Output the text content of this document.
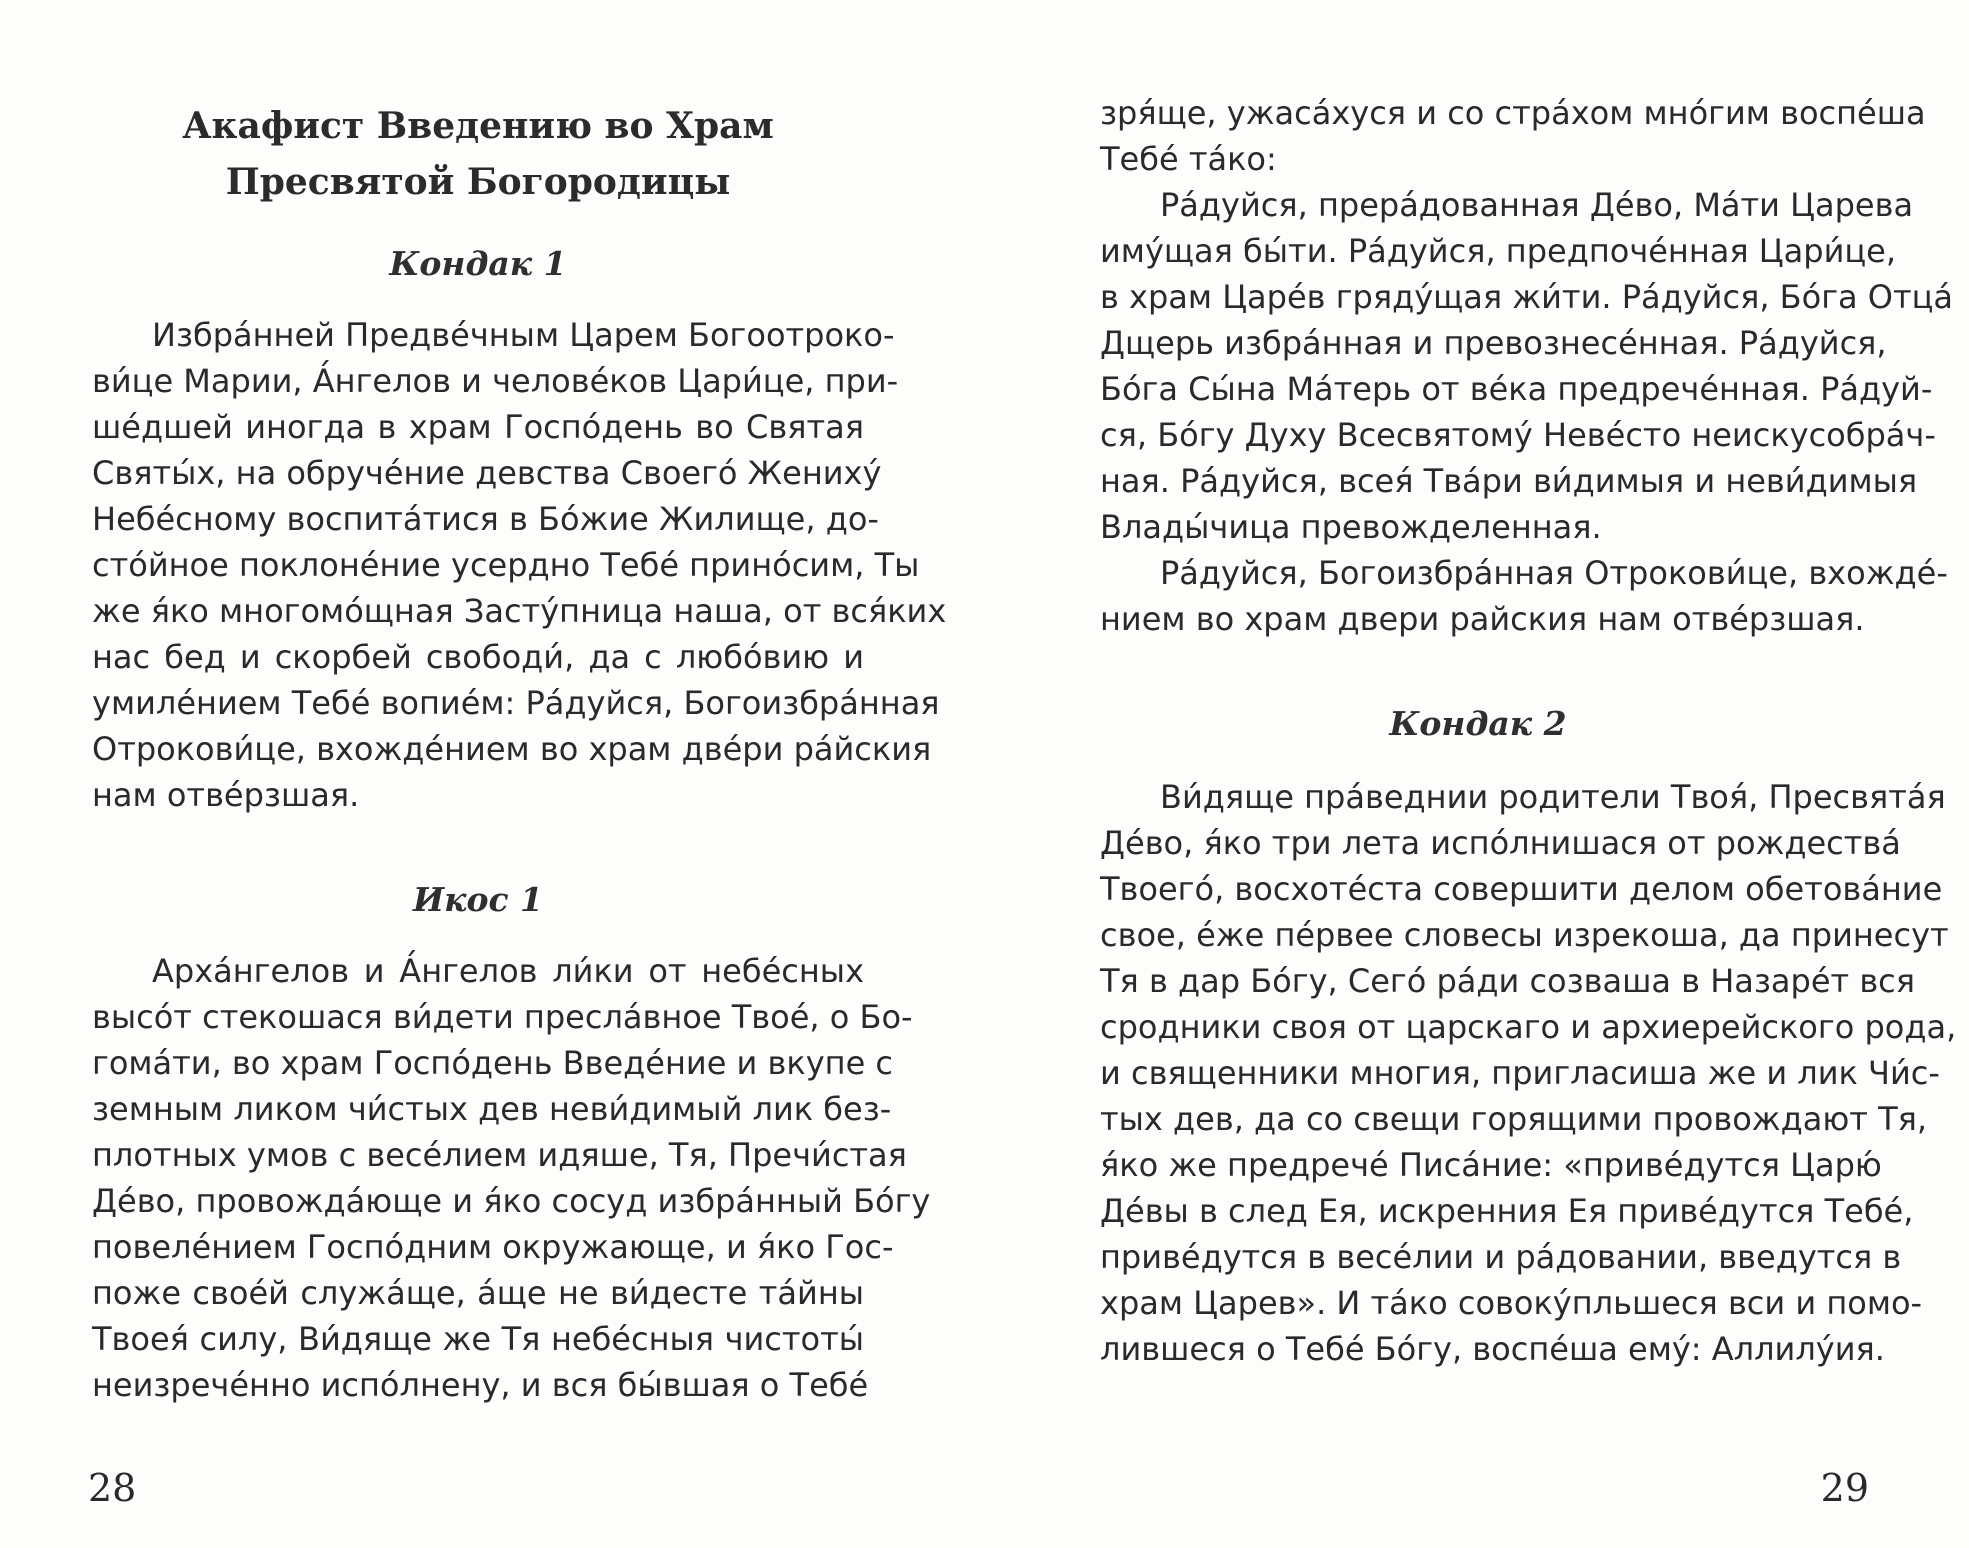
Акафист Введению во Храм
Пресвятой Богородицы
Кондак 1
Избра́нней Предве́чным Царем Богоотроко-
ви́це Марии, А́нгелов и челове́ков Цари́це, при-
ше́дшей иногда в храм Госпо́день во Святая
Святы́х, на обруче́ние девства Своего́ Жениху́
Небе́сному воспита́тися в Бо́жие Жилище, до-
сто́йное поклоне́ние усердно Тебе́ прино́сим, Ты
же я́ко многомо́щная Засту́пница наша, от вся́ких
нас бед и скорбей свободи́, да с любо́вию и
умиле́нием Тебе́ вопие́м: Ра́дуйся, Богоизбра́нная
Отрокови́це, вхожде́нием во храм две́ри ра́йския
нам отве́рзшая.
Икос 1
Арха́нгелов и А́нгелов ли́ки от небе́сных
высо́т стекошася ви́дети пресла́вное Твое́, о Бо-
гома́ти, во храм Госпо́день Введе́ние и вкупе с
земным ликом чи́стых дев неви́димый лик без-
плотных умов с весе́лием идяше, Тя, Пречи́стая
Де́во, провожда́юще и я́ко сосуд избра́нный Бо́гу
повеле́нием Госпо́дним окружающе, и я́ко Гос-
поже свое́й служа́ще, а́ще не ви́десте та́йны
Твоея́ силу, Ви́дяще же Тя небе́сныя чистоты́
неизрече́нно испо́лнену, и вся бы́вшая о Тебе́
28
зря́ще, ужаса́хуся и со стра́хом мно́гим воспе́ша
Тебе́ та́ко:
Ра́дуйся, прера́дованная Де́во, Ма́ти Царева
иму́щая бы́ти. Ра́дуйся, предпоче́нная Цари́це,
в храм Царе́в гряду́щая жи́ти. Ра́дуйся, Бо́га Отца́
Дщерь избра́нная и превознесе́нная. Ра́дуйся,
Бо́га Сы́на Ма́терь от ве́ка предрече́нная. Ра́дуй-
ся, Бо́гу Духу Всесвятому́ Неве́сто неискусобра́ч-
ная. Ра́дуйся, всея́ Тва́ри ви́димыя и неви́димыя
Влады́чица превожделенная.
Ра́дуйся, Богоизбра́нная Отрокови́це, вхожде́-
нием во храм двери райския нам отве́рзшая.
Кондак 2
Ви́дяще пра́веднии родители Твоя́, Пресвята́я
Де́во, я́ко три лета испо́лнишася от рождества́
Твоего́, восхоте́ста совершити делом обетова́ние
свое, е́же пе́рвее словесы изрекоша, да принесут
Тя в дар Бо́гу, Сего́ ра́ди созваша в Назаре́т вся
сродники своя от царскаго и архиерейского рода,
и священники многия, пригласиша же и лик Чи́с-
тых дев, да со свещи горящими провождают Тя,
я́ко же предрече́ Писа́ние: «приве́дутся Царю́
Де́вы в след Ея, искренния Ея приве́дутся Тебе́,
приве́дутся в весе́лии и ра́довании, введутся в
храм Царев». И та́ко совоку́пльшеся вси и помо-
лившеся о Тебе́ Бо́гу, воспе́ша ему́: Аллилу́ия.
29
